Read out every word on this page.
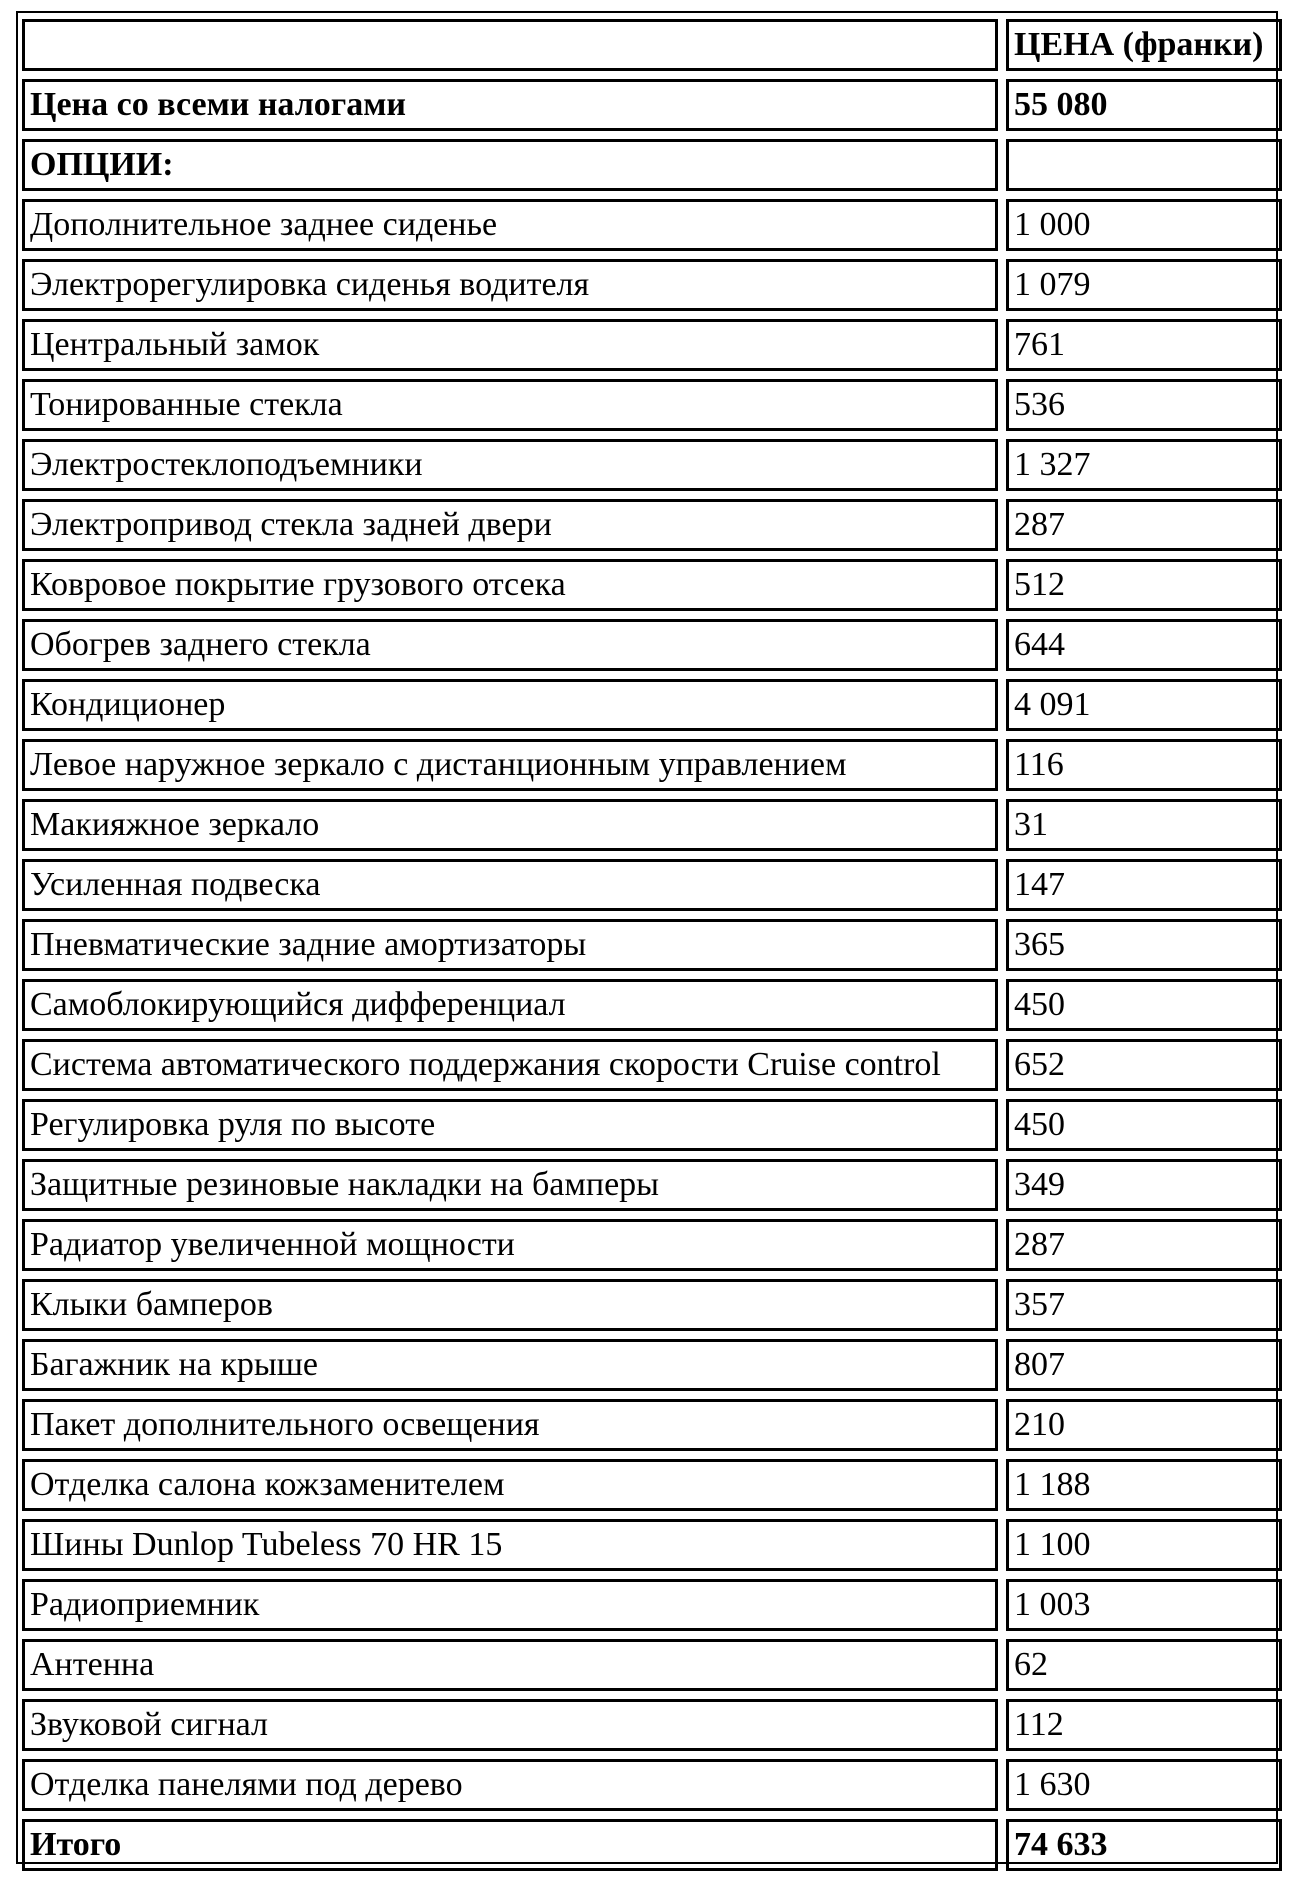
	ЦЕНА (франки)
Цена со всеми налогами	55 080
ОПЦИИ:	
Дополнительное заднее сиденье	1 000
Электрорегулировка сиденья водителя	1 079
Центральный замок	761
Тонированные стекла	536
Электростеклоподъемники	1 327
Электропривод стекла задней двери	287
Ковровое покрытие грузового отсека	512
Обогрев заднего стекла	644
Кондиционер	4 091
Левое наружное зеркало с дистанционным управлением	116
Макияжное зеркало	31
Усиленная подвеска	147
Пневматические задние амортизаторы	365
Самоблокирующийся дифференциал	450
Система автоматического поддержания скорости Cruise control	652
Регулировка руля по высоте	450
Защитные резиновые накладки на бамперы	349
Радиатор увеличенной мощности	287
Клыки бамперов	357
Багажник на крыше	807
Пакет дополнительного освещения	210
Отделка салона кожзаменителем	1 188
Шины Dunlop Tubeless 70 HR 15	1 100
Радиоприемник	1 003
Антенна	62
Звуковой сигнал	112
Отделка панелями под дерево	1 630
Итого	74 633
